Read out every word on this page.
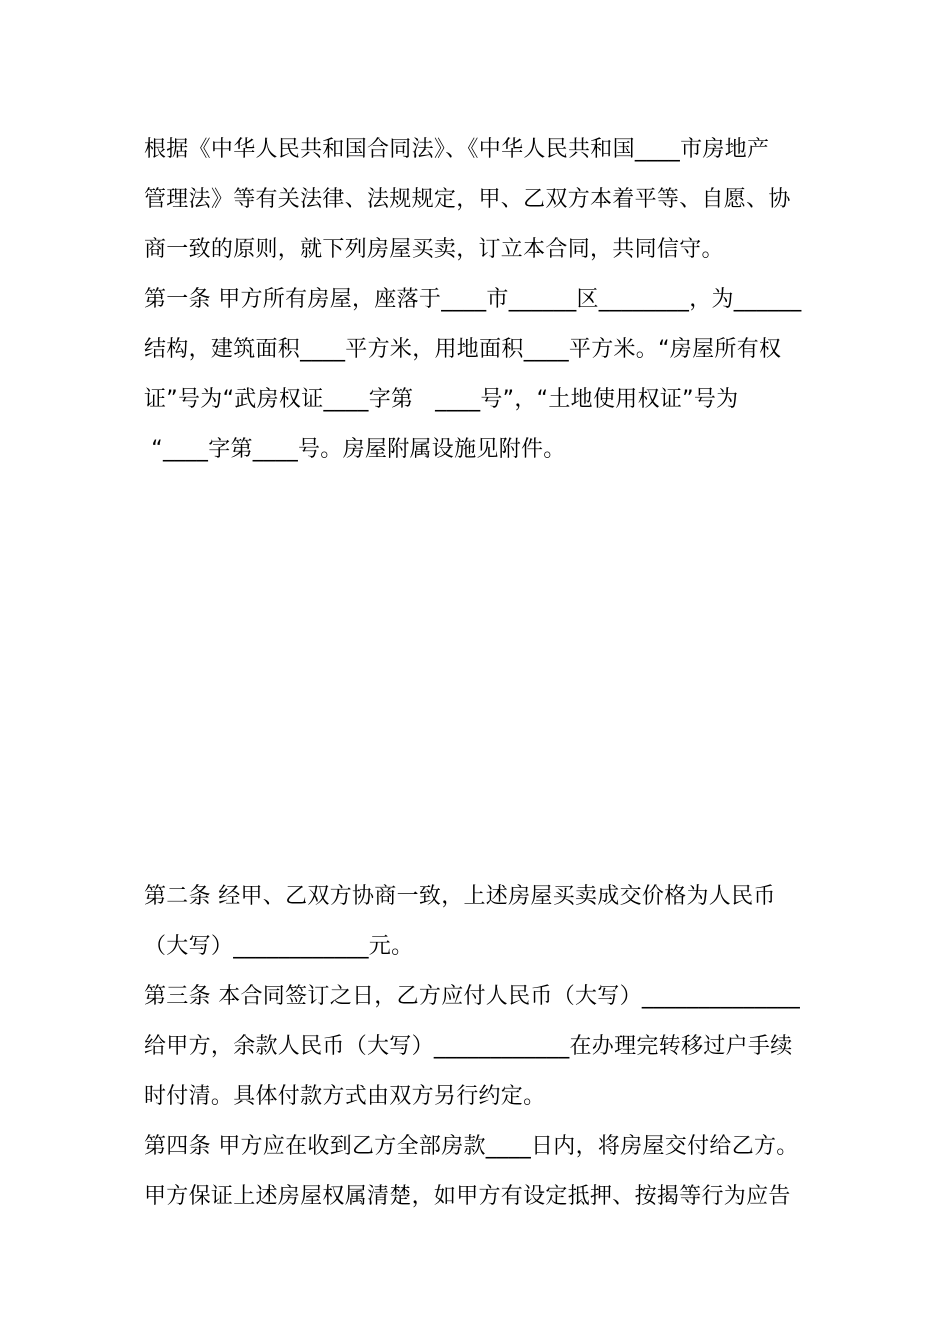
根据《中华人民共和国合同法》、《中华人民共和国____市房地产
管理法》等有关法律、法规规定，甲、乙双方本着平等、自愿、协
商一致的原则，就下列房屋买卖，订立本合同，共同信守。
第一条 甲方所有房屋，座落于____市______区________，为______
结构，建筑面积____平方米，用地面积____平方米。“房屋所有权
证”号为“武房权证____字第   ____号”，“土地使用权证”号为
“____字第____号。房屋附属设施见附件。
第二条 经甲、乙双方协商一致，上述房屋买卖成交价格为人民币
（大写）____________元。
第三条 本合同签订之日，乙方应付人民币（大写）______________
给甲方，余款人民币（大写）____________在办理完转移过户手续
时付清。具体付款方式由双方另行约定。
第四条 甲方应在收到乙方全部房款____日内，将房屋交付给乙方。
甲方保证上述房屋权属清楚，如甲方有设定抵押、按揭等行为应告
